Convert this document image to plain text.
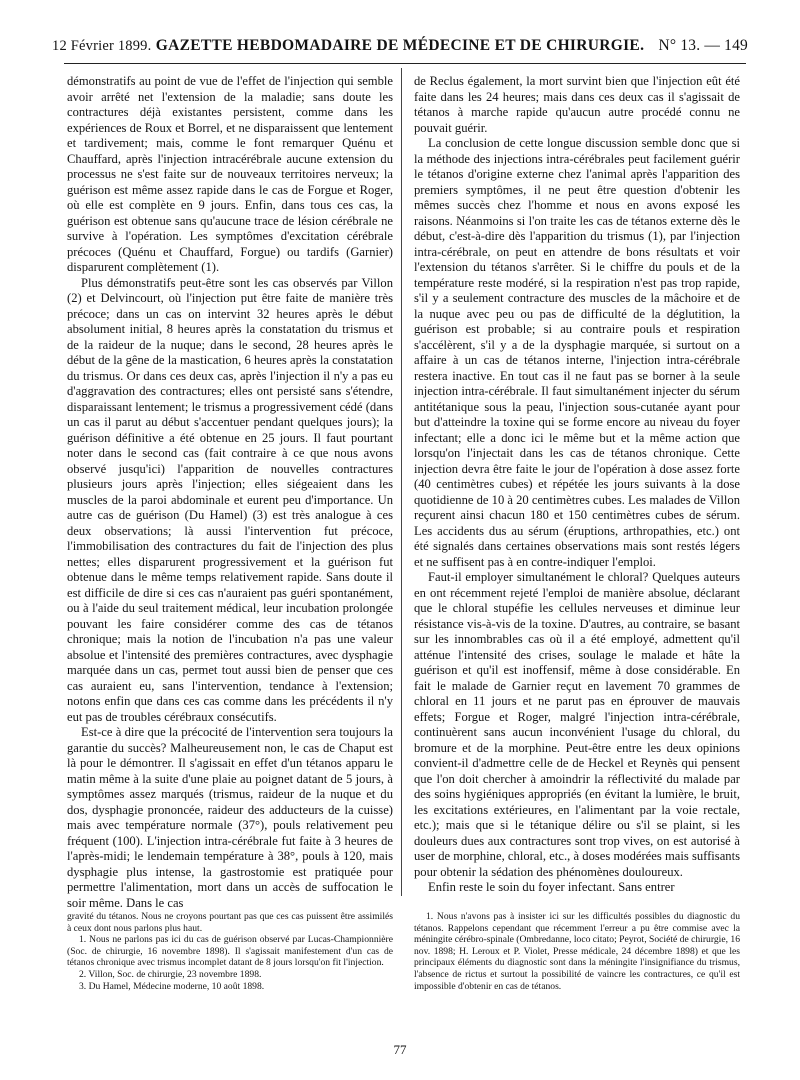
12 Février 1899. GAZETTE HEBDOMADAIRE DE MÉDECINE ET DE CHIRURGIE. N° 13. — 149

démonstratifs au point de vue de l'effet de l'injection qui semble avoir arrêté net l'extension de la maladie; sans doute les contractures déjà existantes persistent, comme dans les expériences de Roux et Borrel, et ne disparaissent que lentement et tardivement; mais, comme le font remarquer Quénu et Chauffard, après l'injection intracérébrale aucune extension du processus ne s'est faite sur de nouveaux territoires nerveux; la guérison est même assez rapide dans le cas de Forgue et Roger, où elle est complète en 9 jours. Enfin, dans tous ces cas, la guérison est obtenue sans qu'aucune trace de lésion cérébrale ne survive à l'opération. Les symptômes d'excitation cérébrale précoces (Quénu et Chauffard, Forgue) ou tardifs (Garnier) disparurent complètement (1).

Plus démonstratifs peut-être sont les cas observés par Villon (2) et Delvincourt, où l'injection put être faite de manière très précoce; dans un cas on intervint 32 heures après le début absolument initial, 8 heures après la constatation du trismus et de la raideur de la nuque; dans le second, 28 heures après le début de la gêne de la mastication, 6 heures après la constatation du trismus. Or dans ces deux cas, après l'injection il n'y a pas eu d'aggravation des contractures; elles ont persisté sans s'étendre, disparaissant lentement; le trismus a progressivement cédé (dans un cas il parut au début s'accentuer pendant quelques jours); la guérison définitive a été obtenue en 25 jours. Il faut pourtant noter dans le second cas (fait contraire à ce que nous avons observé jusqu'ici) l'apparition de nouvelles contractures plusieurs jours après l'injection; elles siégeaient dans les muscles de la paroi abdominale et eurent peu d'importance. Un autre cas de guérison (Du Hamel) (3) est très analogue à ces deux observations; là aussi l'intervention fut précoce, l'immobilisation des contractures du fait de l'injection des plus nettes; elles disparurent progressivement et la guérison fut obtenue dans le même temps relativement rapide. Sans doute il est difficile de dire si ces cas n'auraient pas guéri spontanément, ou à l'aide du seul traitement médical, leur incubation prolongée pouvant les faire considérer comme des cas de tétanos chronique; mais la notion de l'incubation n'a pas une valeur absolue et l'intensité des premières contractures, avec dysphagie marquée dans un cas, permet tout aussi bien de penser que ces cas auraient eu, sans l'intervention, tendance à l'extension; notons enfin que dans ces cas comme dans les précédents il n'y eut pas de troubles cérébraux consécutifs.

Est-ce à dire que la précocité de l'intervention sera toujours la garantie du succès? Malheureusement non, le cas de Chaput est là pour le démontrer. Il s'agissait en effet d'un tétanos apparu le matin même à la suite d'une plaie au poignet datant de 5 jours, à symptômes assez marqués (trismus, raideur de la nuque et du dos, dysphagie prononcée, raideur des adducteurs de la cuisse) mais avec température normale (37°), pouls relativement peu fréquent (100). L'injection intra-cérébrale fut faite à 3 heures de l'après-midi; le lendemain température à 38°, pouls à 120, mais dysphagie plus intense, la gastrostomie est pratiquée pour permettre l'alimentation, mort dans un accès de suffocation le soir même. Dans le cas

de Reclus également, la mort survint bien que l'injection eût été faite dans les 24 heures; mais dans ces deux cas il s'agissait de tétanos à marche rapide qu'aucun autre procédé connu ne pouvait guérir.

La conclusion de cette longue discussion semble donc que si la méthode des injections intra-cérébrales peut facilement guérir le tétanos d'origine externe chez l'animal après l'apparition des premiers symptômes, il ne peut être question d'obtenir les mêmes succès chez l'homme et nous en avons exposé les raisons. Néanmoins si l'on traite les cas de tétanos externe dès le début, c'est-à-dire dès l'apparition du trismus (1), par l'injection intra-cérébrale, on peut en attendre de bons résultats et voir l'extension du tétanos s'arrêter. Si le chiffre du pouls et de la température reste modéré, si la respiration n'est pas trop rapide, s'il y a seulement contracture des muscles de la mâchoire et de la nuque avec peu ou pas de difficulté de la déglutition, la guérison est probable; si au contraire pouls et respiration s'accélèrent, s'il y a de la dysphagie marquée, si surtout on a affaire à un cas de tétanos interne, l'injection intra-cérébrale restera inactive. En tout cas il ne faut pas se borner à la seule injection intra-cérébrale. Il faut simultanément injecter du sérum antitétanique sous la peau, l'injection sous-cutanée ayant pour but d'atteindre la toxine qui se forme encore au niveau du foyer infectant; elle a donc ici le même but et la même action que lorsqu'on l'injectait dans les cas de tétanos chronique. Cette injection devra être faite le jour de l'opération à dose assez forte (40 centimètres cubes) et répétée les jours suivants à la dose quotidienne de 10 à 20 centimètres cubes. Les malades de Villon reçurent ainsi chacun 180 et 150 centimètres cubes de sérum. Les accidents dus au sérum (éruptions, arthropathies, etc.) ont été signalés dans certaines observations mais sont restés légers et ne suffisent pas à en contre-indiquer l'emploi.

Faut-il employer simultanément le chloral? Quelques auteurs en ont récemment rejeté l'emploi de manière absolue, déclarant que le chloral stupéfie les cellules nerveuses et diminue leur résistance vis-à-vis de la toxine. D'autres, au contraire, se basant sur les innombrables cas où il a été employé, admettent qu'il atténue l'intensité des crises, soulage le malade et hâte la guérison et qu'il est inoffensif, même à dose considérable. En fait le malade de Garnier reçut en lavement 70 grammes de chloral en 11 jours et ne parut pas en éprouver de mauvais effets; Forgue et Roger, malgré l'injection intra-cérébrale, continuèrent sans aucun inconvénient l'usage du chloral, du bromure et de la morphine. Peut-être entre les deux opinions convient-il d'admettre celle de de Heckel et Reynès qui pensent que l'on doit chercher à amoindrir la réflectivité du malade par des soins hygiéniques appropriés (en évitant la lumière, le bruit, les excitations extérieures, en l'alimentant par la voie rectale, etc.); mais que si le tétanique délire ou s'il se plaint, si les douleurs dues aux contractures sont trop vives, on est autorisé à user de morphine, chloral, etc., à doses modérées mais suffisants pour obtenir la sédation des phénomènes douloureux.

Enfin reste le soin du foyer infectant. Sans entrer

gravité du tétanos. Nous ne croyons pourtant pas que ces cas puissent être assimilés à ceux dont nous parlons plus haut.

1. Nous ne parlons pas ici du cas de guérison observé par Lucas-Championnière (Soc. de chirurgie, 16 novembre 1898). Il s'agissait manifestement d'un cas de tétanos chronique avec trismus incomplet datant de 8 jours lorsqu'on fit l'injection.

2. Villon, Soc. de chirurgie, 23 novembre 1898.

3. Du Hamel, Médecine moderne, 10 août 1898.

1. Nous n'avons pas à insister ici sur les difficultés possibles du diagnostic du tétanos. Rappelons cependant que récemment l'erreur a pu être commise avec la méningite cérébro-spinale (Ombredanne, loco citato; Peyrot, Société de chirurgie, 16 nov. 1898; H. Leroux et P. Violet, Presse médicale, 24 décembre 1898) et que les principaux éléments du diagnostic sont dans la méningite l'insignifiance du trismus, l'absence de rictus et surtout la possibilité de vaincre les contractures, ce qu'il est impossible d'obtenir en cas de tétanos.

77
